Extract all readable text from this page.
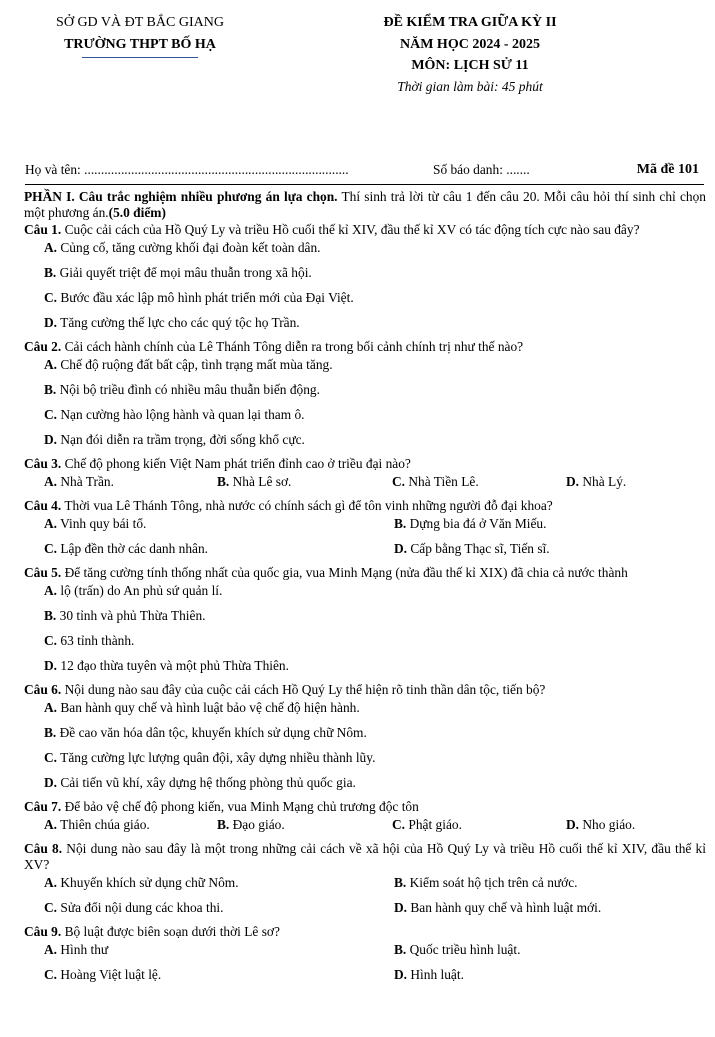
SỞ GD VÀ ĐT BẮC GIANG
TRƯỜNG THPT BỐ HẠ
ĐỀ KIỂM TRA GIỮA KỲ II
NĂM HỌC 2024 - 2025
MÔN: LỊCH SỬ 11
Thời gian làm bài: 45 phút
Họ và tên: ...............................................................................	Số báo danh: .......	Mã đề 101
PHẦN I. Câu trắc nghiệm nhiều phương án lựa chọn. Thí sinh trả lời từ câu 1 đến câu 20. Mỗi câu hỏi thí sinh chỉ chọn một phương án.(5.0 điểm)
Câu 1. Cuộc cải cách của Hồ Quý Ly và triều Hồ cuối thế kỉ XIV, đầu thế kỉ XV có tác động tích cực nào sau đây?
A. Củng cố, tăng cường khối đại đoàn kết toàn dân.
B. Giải quyết triệt để mọi mâu thuẫn trong xã hội.
C. Bước đầu xác lập mô hình phát triển mới của Đại Việt.
D. Tăng cường thế lực cho các quý tộc họ Trần.
Câu 2. Cải cách hành chính của Lê Thánh Tông diễn ra trong bối cảnh chính trị như thế nào?
A. Chế độ ruộng đất bất cập, tình trạng mất mùa tăng.
B. Nội bộ triều đình có nhiều mâu thuẫn biến động.
C. Nạn cường hào lộng hành và quan lại tham ô.
D. Nạn đói diễn ra trầm trọng, đời sống khổ cực.
Câu 3. Chế độ phong kiến Việt Nam phát triển đỉnh cao ở triều đại nào?
A. Nhà Trần.	B. Nhà Lê sơ.	C. Nhà Tiền Lê.	D. Nhà Lý.
Câu 4. Thời vua Lê Thánh Tông, nhà nước có chính sách gì để tôn vinh những người đỗ đại khoa?
A. Vinh quy bái tổ.	B. Dựng bia đá ở Văn Miếu.
C. Lập đền thờ các danh nhân.	D. Cấp bằng Thạc sĩ, Tiến sĩ.
Câu 5. Để tăng cường tính thống nhất của quốc gia, vua Minh Mạng (nửa đầu thế kỉ XIX) đã chia cả nước thành
A. lộ (trấn) do An phủ sứ quản lí.
B. 30 tỉnh và phủ Thừa Thiên.
C. 63 tỉnh thành.
D. 12 đạo thừa tuyên và một phủ Thừa Thiên.
Câu 6. Nội dung nào sau đây của cuộc cải cách Hồ Quý Ly thể hiện rõ tinh thần dân tộc, tiến bộ?
A. Ban hành quy chế và hình luật bảo vệ chế độ hiện hành.
B. Đề cao văn hóa dân tộc, khuyến khích sử dụng chữ Nôm.
C. Tăng cường lực lượng quân đội, xây dựng nhiều thành lũy.
D. Cải tiến vũ khí, xây dựng hệ thống phòng thủ quốc gia.
Câu 7. Để bảo vệ chế độ phong kiến, vua Minh Mạng chủ trương độc tôn
A. Thiên chúa giáo.	B. Đạo giáo.	C. Phật giáo.	D. Nho giáo.
Câu 8. Nội dung nào sau đây là một trong những cải cách về xã hội của Hồ Quý Ly và triều Hồ cuối thế kỉ XIV, đầu thế kỉ XV?
A. Khuyến khích sử dụng chữ Nôm.	B. Kiểm soát hộ tịch trên cả nước.
C. Sửa đổi nội dung các khoa thi.	D. Ban hành quy chế và hình luật mới.
Câu 9. Bộ luật được biên soạn dưới thời Lê sơ?
A. Hình thư	B. Quốc triều hình luật.
C. Hoàng Việt luật lệ.	D. Hình luật.
